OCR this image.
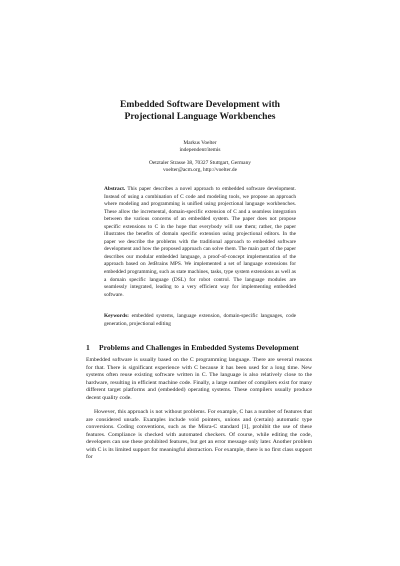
Embedded Software Development with
Projectional Language Workbenches
Markus Voelter
independent/itemis
Oetztaler Strasse 38, 70327 Stuttgart, Germany
voelter@acm.org, http://voelter.de
Abstract. This paper describes a novel approach to embedded software development. Instead of using a combination of C code and modeling tools, we propose an approach where modeling and programming is unified using projectional language workbenches. These allow the incremental, domain-specific extension of C and a seamless integration between the various concerns of an embedded system. The paper does not propose specific extensions to C in the hope that everybody will use them; rather, the paper illustrates the benefits of domain specific extension using projectional editors. In the paper we describe the problems with the traditional approach to embedded software development and how the proposed approach can solve them. The main part of the paper describes our modular embedded language, a proof-of-concept implementation of the approach based on JetBrains MPS. We implemented a set of language extensions for embedded programming, such as state machines, tasks, type system extensions as well as a domain specific language (DSL) for robot control. The language modules are seamlessly integrated, leading to a very efficient way for implementing embedded software.
Keywords: embedded systems, language extension, domain-specific languages, code generation, projectional editing
1 Problems and Challenges in Embedded Systems Development
Embedded software is usually based on the C programming language. There are several reasons for that. There is significant experience with C because it has been used for a long time. New systems often reuse existing software written in C. The language is also relatively close to the hardware, resulting in efficient machine code. Finally, a large number of compilers exist for many different target platforms and (embedded) operating systems. These compilers usually produce decent quality code.
However, this approach is not without problems. For example, C has a number of features that are considered unsafe. Examples include void pointers, unions and (certain) automatic type conversions. Coding conventions, such as the Misra-C standard [1], prohibit the use of these features. Compliance is checked with automated checkers. Of course, while editing the code, developers can use these prohibited features, but get an error message only later. Another problem with C is its limited support for meaningful abstraction. For example, there is no first class support for
